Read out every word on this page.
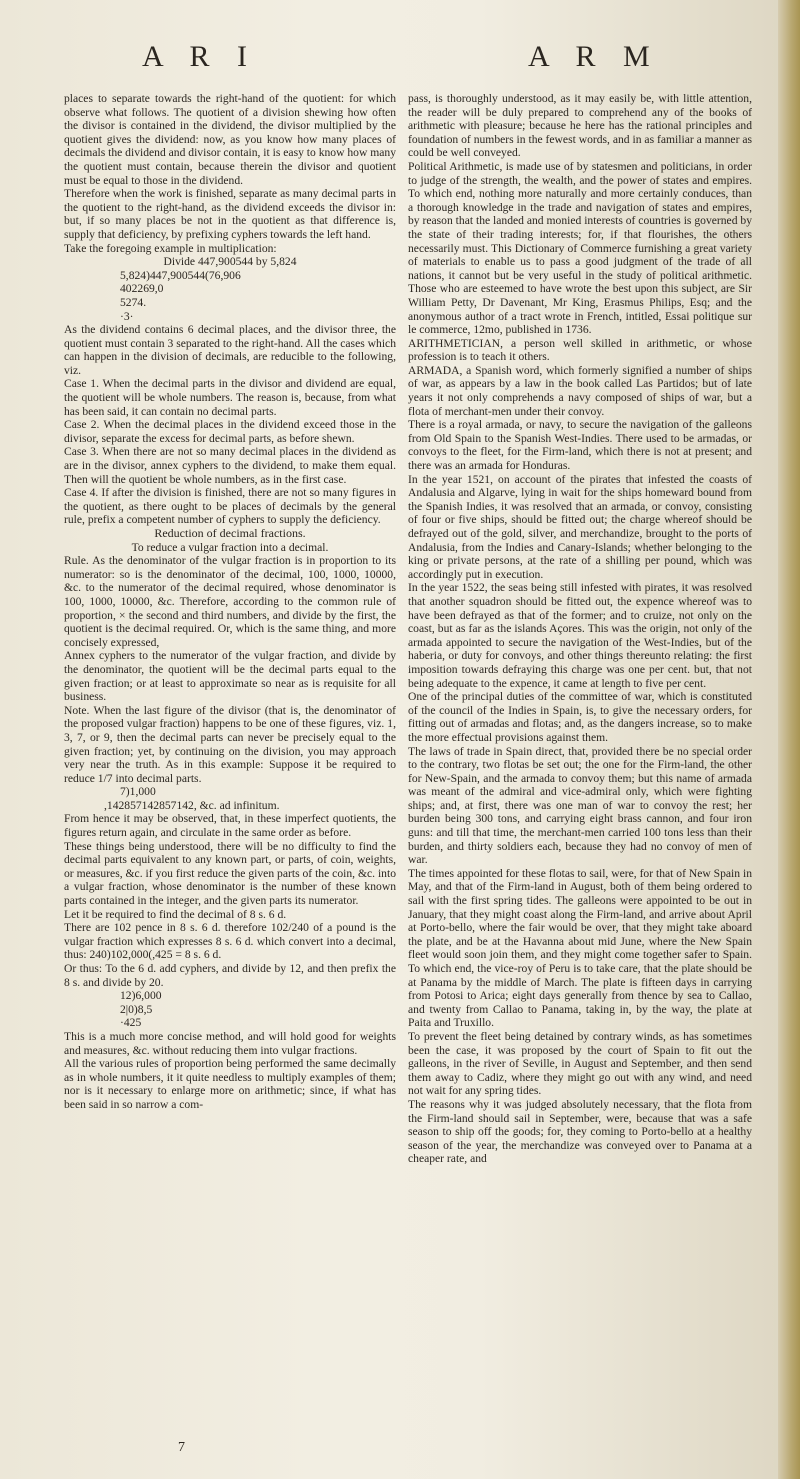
A R I	A R M

places to separate towards the right-hand of the quotient: for which observe what follows. The quotient of a division shewing how often the divisor is contained in the dividend, the divisor multiplied by the quotient gives the dividend: now, as you know how many places of decimals the dividend and divisor contain, it is easy to know how many the quotient must contain, because therein the divisor and quotient must be equal to those in the dividend.

Therefore when the work is finished, separate as many decimal parts in the quotient to the right-hand, as the dividend exceeds the divisor in: but, if so many places be not in the quotient as that difference is, supply that deficiency, by prefixing cyphers towards the left hand.

Take the foregoing example in multiplication:

Divide 447,900544 by 5,824

5,824)447,900544(76,906

402269,0

5274.

·3·

As the dividend contains 6 decimal places, and the divisor three, the quotient must contain 3 separated to the right-hand. All the cases which can happen in the division of decimals, are reducible to the following, viz.

Case 1. When the decimal parts in the divisor and dividend are equal, the quotient will be whole numbers. The reason is, because, from what has been said, it can contain no decimal parts.

Case 2. When the decimal places in the dividend exceed those in the divisor, separate the excess for decimal parts, as before shewn.

Case 3. When there are not so many decimal places in the dividend as are in the divisor, annex cyphers to the dividend, to make them equal. Then will the quotient be whole numbers, as in the first case.

Case 4. If after the division is finished, there are not so many figures in the quotient, as there ought to be places of decimals by the general rule, prefix a competent number of cyphers to supply the deficiency.

Reduction of decimal fractions.

To reduce a vulgar fraction into a decimal.

Rule. As the denominator of the vulgar fraction is in proportion to its numerator: so is the denominator of the decimal, 100, 1000, 10000, &c. to the numerator of the decimal required, whose denominator is 100, 1000, 10000, &c. Therefore, according to the common rule of proportion, × the second and third numbers, and divide by the first, the quotient is the decimal required. Or, which is the same thing, and more concisely expressed,

Annex cyphers to the numerator of the vulgar fraction, and divide by the denominator, the quotient will be the decimal parts equal to the given fraction; or at least to approximate so near as is requisite for all business.

Note. When the last figure of the divisor (that is, the denominator of the proposed vulgar fraction) happens to be one of these figures, viz. 1, 3, 7, or 9, then the decimal parts can never be precisely equal to the given fraction; yet, by continuing on the division, you may approach very near the truth. As in this example: Suppose it be required to reduce 1/7 into decimal parts.

7)1,000

,142857142857142, &c. ad infinitum.

From hence it may be observed, that, in these imperfect quotients, the figures return again, and circulate in the same order as before.

These things being understood, there will be no difficulty to find the decimal parts equivalent to any known part, or parts, of coin, weights, or measures, &c. if you first reduce the given parts of the coin, &c. into a vulgar fraction, whose denominator is the number of these known parts contained in the integer, and the given parts its numerator.

Let it be required to find the decimal of 8 s. 6 d.

There are 102 pence in 8 s. 6 d. therefore 102/240 of a pound is the vulgar fraction which expresses 8 s. 6 d. which convert into a decimal, thus: 240)102,000(,425 = 8 s. 6 d.

Or thus: To the 6 d. add cyphers, and divide by 12, and then prefix the 8 s. and divide by 20.

12)6,000

2|0)8,5

·425

This is a much more concise method, and will hold good for weights and measures, &c. without reducing them into vulgar fractions.

All the various rules of proportion being performed the same decimally as in whole numbers, it it quite needless to multiply examples of them; nor is it necessary to enlarge more on arithmetic; since, if what has been said in so narrow a com-

7

pass, is thoroughly understood, as it may easily be, with little attention, the reader will be duly prepared to comprehend any of the books of arithmetic with pleasure; because he here has the rational principles and foundation of numbers in the fewest words, and in as familiar a manner as could be well conveyed.

Political Arithmetic, is made use of by statesmen and politicians, in order to judge of the strength, the wealth, and the power of states and empires. To which end, nothing more naturally and more certainly conduces, than a thorough knowledge in the trade and navigation of states and empires, by reason that the landed and monied interests of countries is governed by the state of their trading interests; for, if that flourishes, the others necessarily must. This Dictionary of Commerce furnishing a great variety of materials to enable us to pass a good judgment of the trade of all nations, it cannot but be very useful in the study of political arithmetic. Those who are esteemed to have wrote the best upon this subject, are Sir William Petty, Dr Davenant, Mr King, Erasmus Philips, Esq; and the anonymous author of a tract wrote in French, intitled, Essai politique sur le commerce, 12mo, published in 1736.

ARITHMETICIAN, a person well skilled in arithmetic, or whose profession is to teach it others.

ARMADA, a Spanish word, which formerly signified a number of ships of war, as appears by a law in the book called Las Partidos; but of late years it not only comprehends a navy composed of ships of war, but a flota of merchant-men under their convoy.

There is a royal armada, or navy, to secure the navigation of the galleons from Old Spain to the Spanish West-Indies. There used to be armadas, or convoys to the fleet, for the Firm-land, which there is not at present; and there was an armada for Honduras.

In the year 1521, on account of the pirates that infested the coasts of Andalusia and Algarve, lying in wait for the ships homeward bound from the Spanish Indies, it was resolved that an armada, or convoy, consisting of four or five ships, should be fitted out; the charge whereof should be defrayed out of the gold, silver, and merchandize, brought to the ports of Andalusia, from the Indies and Canary-Islands; whether belonging to the king or private persons, at the rate of a shilling per pound, which was accordingly put in execution.

In the year 1522, the seas being still infested with pirates, it was resolved that another squadron should be fitted out, the expence whereof was to have been defrayed as that of the former; and to cruize, not only on the coast, but as far as the islands Açores. This was the origin, not only of the armada appointed to secure the navigation of the West-Indies, but of the haberia, or duty for convoys, and other things thereunto relating: the first imposition towards defraying this charge was one per cent. but, that not being adequate to the expence, it came at length to five per cent.

One of the principal duties of the committee of war, which is constituted of the council of the Indies in Spain, is, to give the necessary orders, for fitting out of armadas and flotas; and, as the dangers increase, so to make the more effectual provisions against them.

The laws of trade in Spain direct, that, provided there be no special order to the contrary, two flotas be set out; the one for the Firm-land, the other for New-Spain, and the armada to convoy them; but this name of armada was meant of the admiral and vice-admiral only, which were fighting ships; and, at first, there was one man of war to convoy the rest; her burden being 300 tons, and carrying eight brass cannon, and four iron guns: and till that time, the merchant-men carried 100 tons less than their burden, and thirty soldiers each, because they had no convoy of men of war.

The times appointed for these flotas to sail, were, for that of New Spain in May, and that of the Firm-land in August, both of them being ordered to sail with the first spring tides. The galleons were appointed to be out in January, that they might coast along the Firm-land, and arrive about April at Porto-bello, where the fair would be over, that they might take aboard the plate, and be at the Havanna about mid June, where the New Spain fleet would soon join them, and they might come together safer to Spain. To which end, the vice-roy of Peru is to take care, that the plate should be at Panama by the middle of March. The plate is fifteen days in carrying from Potosi to Arica; eight days generally from thence by sea to Callao, and twenty from Callao to Panama, taking in, by the way, the plate at Paita and Truxillo.

To prevent the fleet being detained by contrary winds, as has sometimes been the case, it was proposed by the court of Spain to fit out the galleons, in the river of Seville, in August and September, and then send them away to Cadiz, where they might go out with any wind, and need not wait for any spring tides.

The reasons why it was judged absolutely necessary, that the flota from the Firm-land should sail in September, were, because that was a safe season to ship off the goods; for, they coming to Porto-bello at a healthy season of the year, the merchandize was conveyed over to Panama at a cheaper rate, and
